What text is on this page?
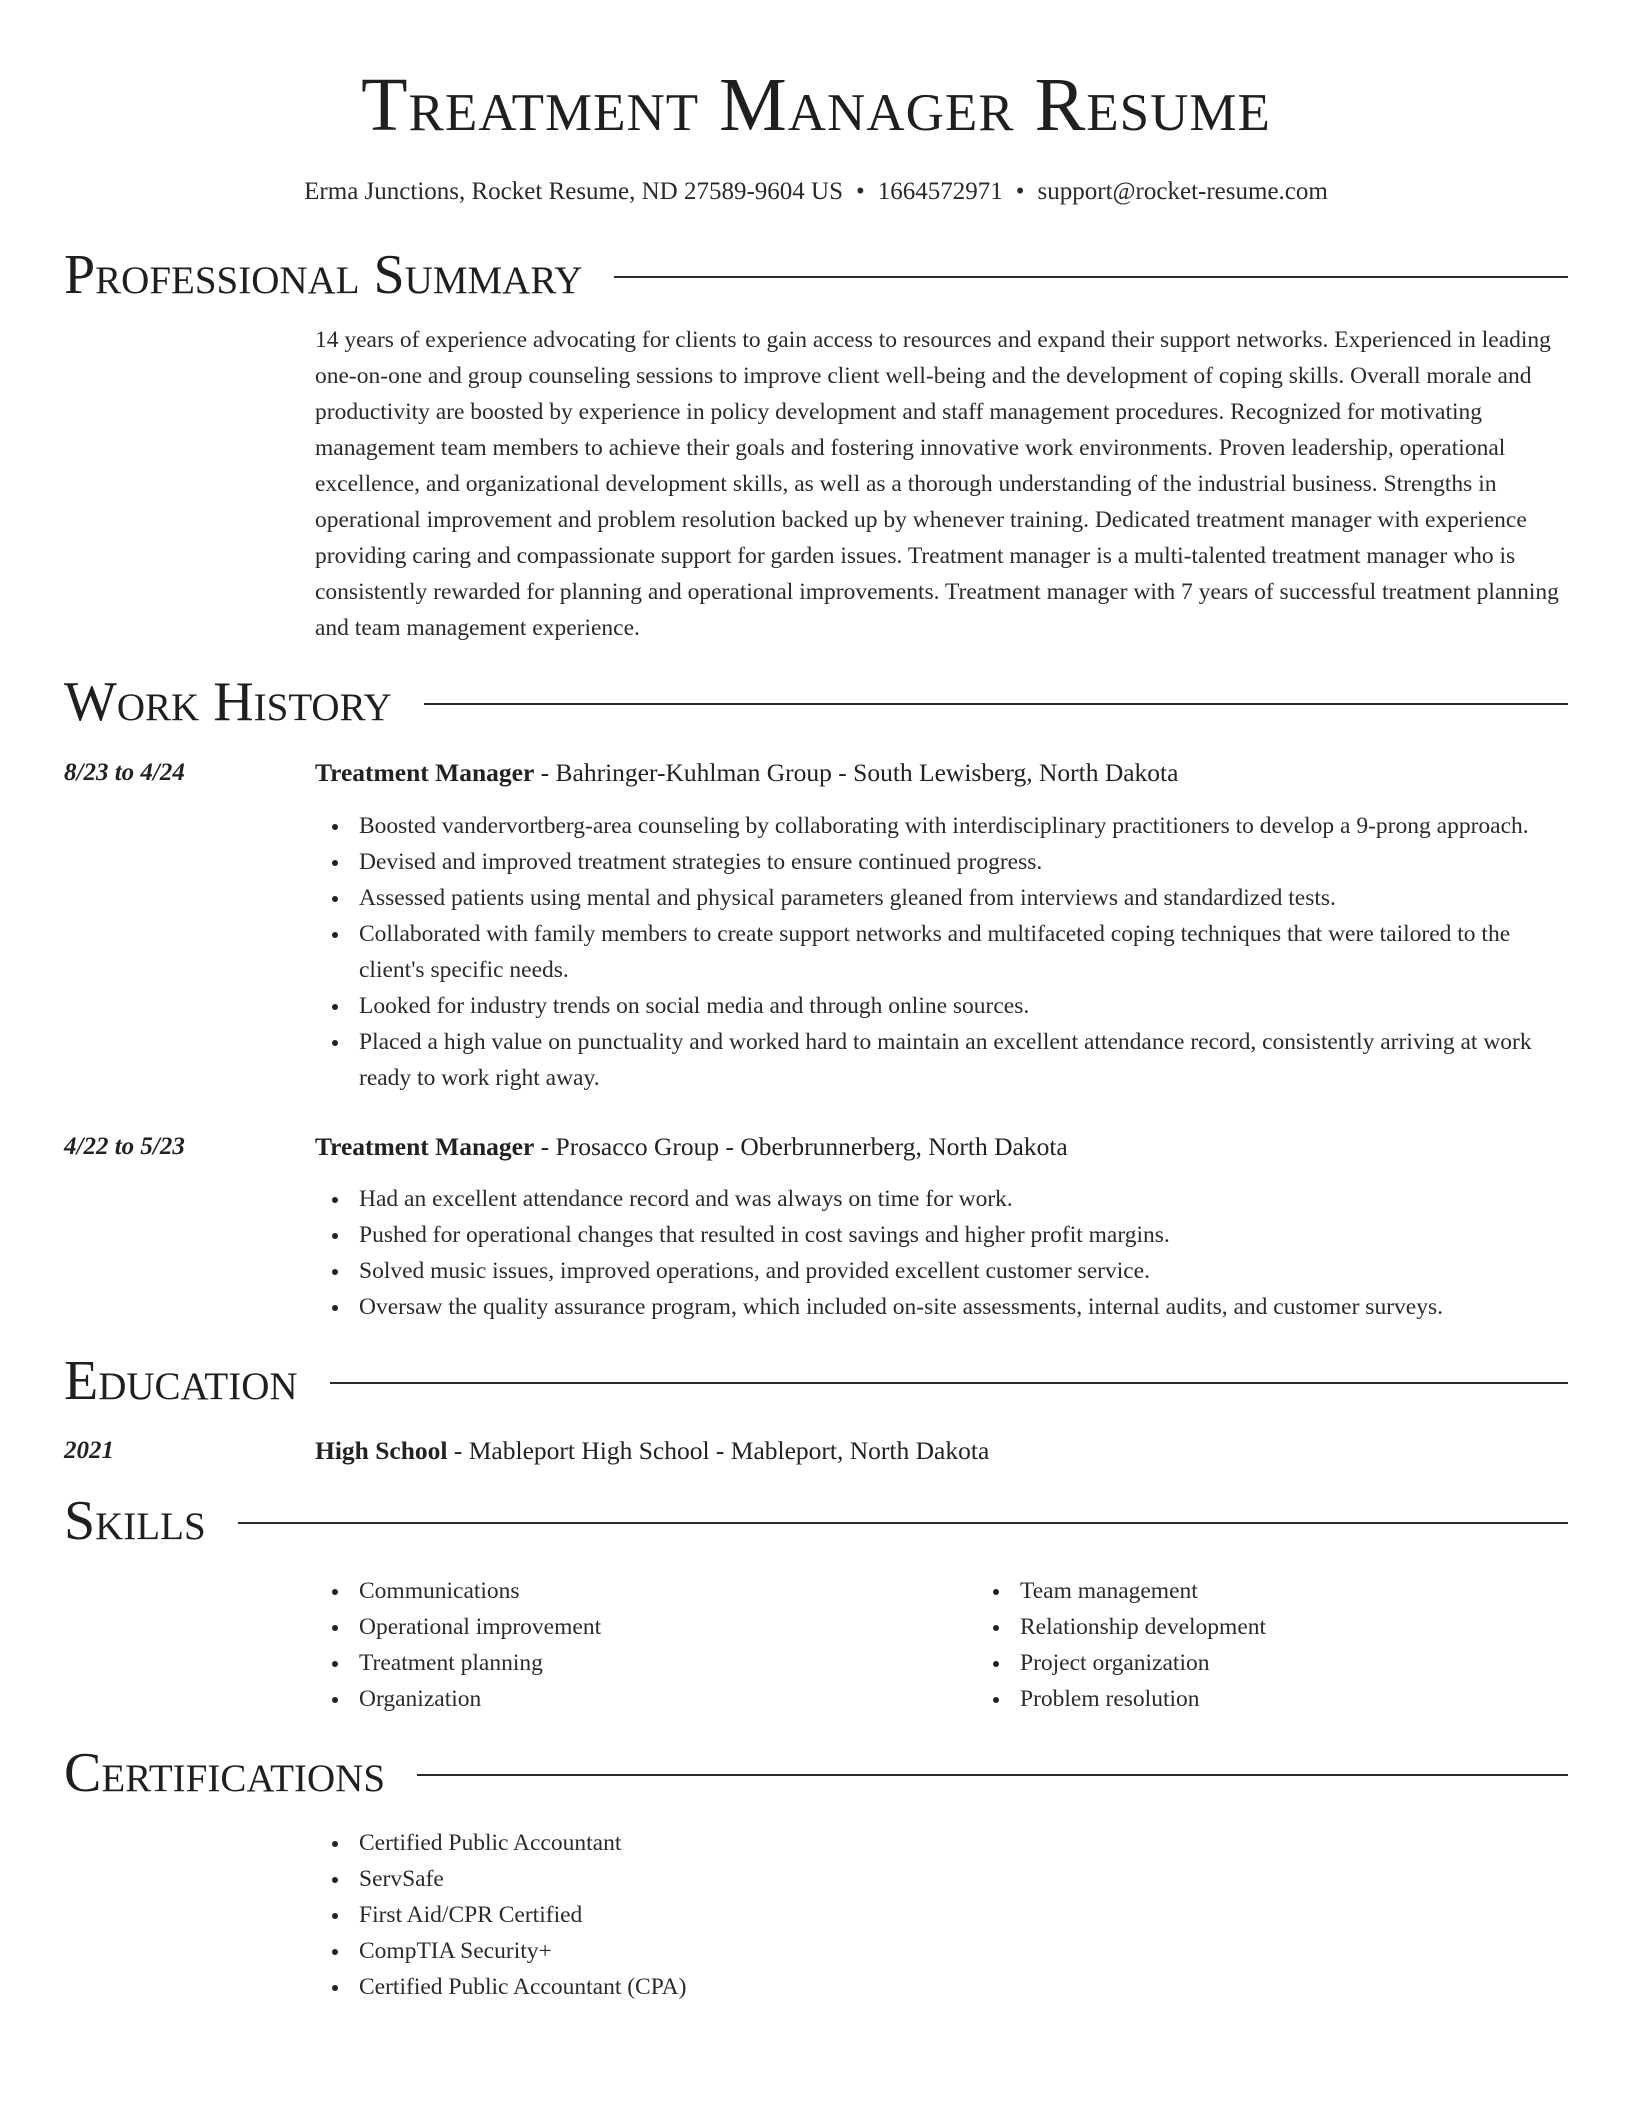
Treatment Manager Resume
Erma Junctions, Rocket Resume, ND 27589-9604 US • 1664572971 • support@rocket-resume.com
Professional Summary
14 years of experience advocating for clients to gain access to resources and expand their support networks. Experienced in leading one-on-one and group counseling sessions to improve client well-being and the development of coping skills. Overall morale and productivity are boosted by experience in policy development and staff management procedures. Recognized for motivating management team members to achieve their goals and fostering innovative work environments. Proven leadership, operational excellence, and organizational development skills, as well as a thorough understanding of the industrial business. Strengths in operational improvement and problem resolution backed up by whenever training. Dedicated treatment manager with experience providing caring and compassionate support for garden issues. Treatment manager is a multi-talented treatment manager who is consistently rewarded for planning and operational improvements. Treatment manager with 7 years of successful treatment planning and team management experience.
Work History
8/23 to 4/24	Treatment Manager - Bahringer-Kuhlman Group - South Lewisberg, North Dakota
Boosted vandervortberg-area counseling by collaborating with interdisciplinary practitioners to develop a 9-prong approach.
Devised and improved treatment strategies to ensure continued progress.
Assessed patients using mental and physical parameters gleaned from interviews and standardized tests.
Collaborated with family members to create support networks and multifaceted coping techniques that were tailored to the client's specific needs.
Looked for industry trends on social media and through online sources.
Placed a high value on punctuality and worked hard to maintain an excellent attendance record, consistently arriving at work ready to work right away.
4/22 to 5/23	Treatment Manager - Prosacco Group - Oberbrunnerberg, North Dakota
Had an excellent attendance record and was always on time for work.
Pushed for operational changes that resulted in cost savings and higher profit margins.
Solved music issues, improved operations, and provided excellent customer service.
Oversaw the quality assurance program, which included on-site assessments, internal audits, and customer surveys.
Education
2021	High School - Mableport High School - Mableport, North Dakota
Skills
Communications
Operational improvement
Treatment planning
Organization
Team management
Relationship development
Project organization
Problem resolution
Certifications
Certified Public Accountant
ServSafe
First Aid/CPR Certified
CompTIA Security+
Certified Public Accountant (CPA)
